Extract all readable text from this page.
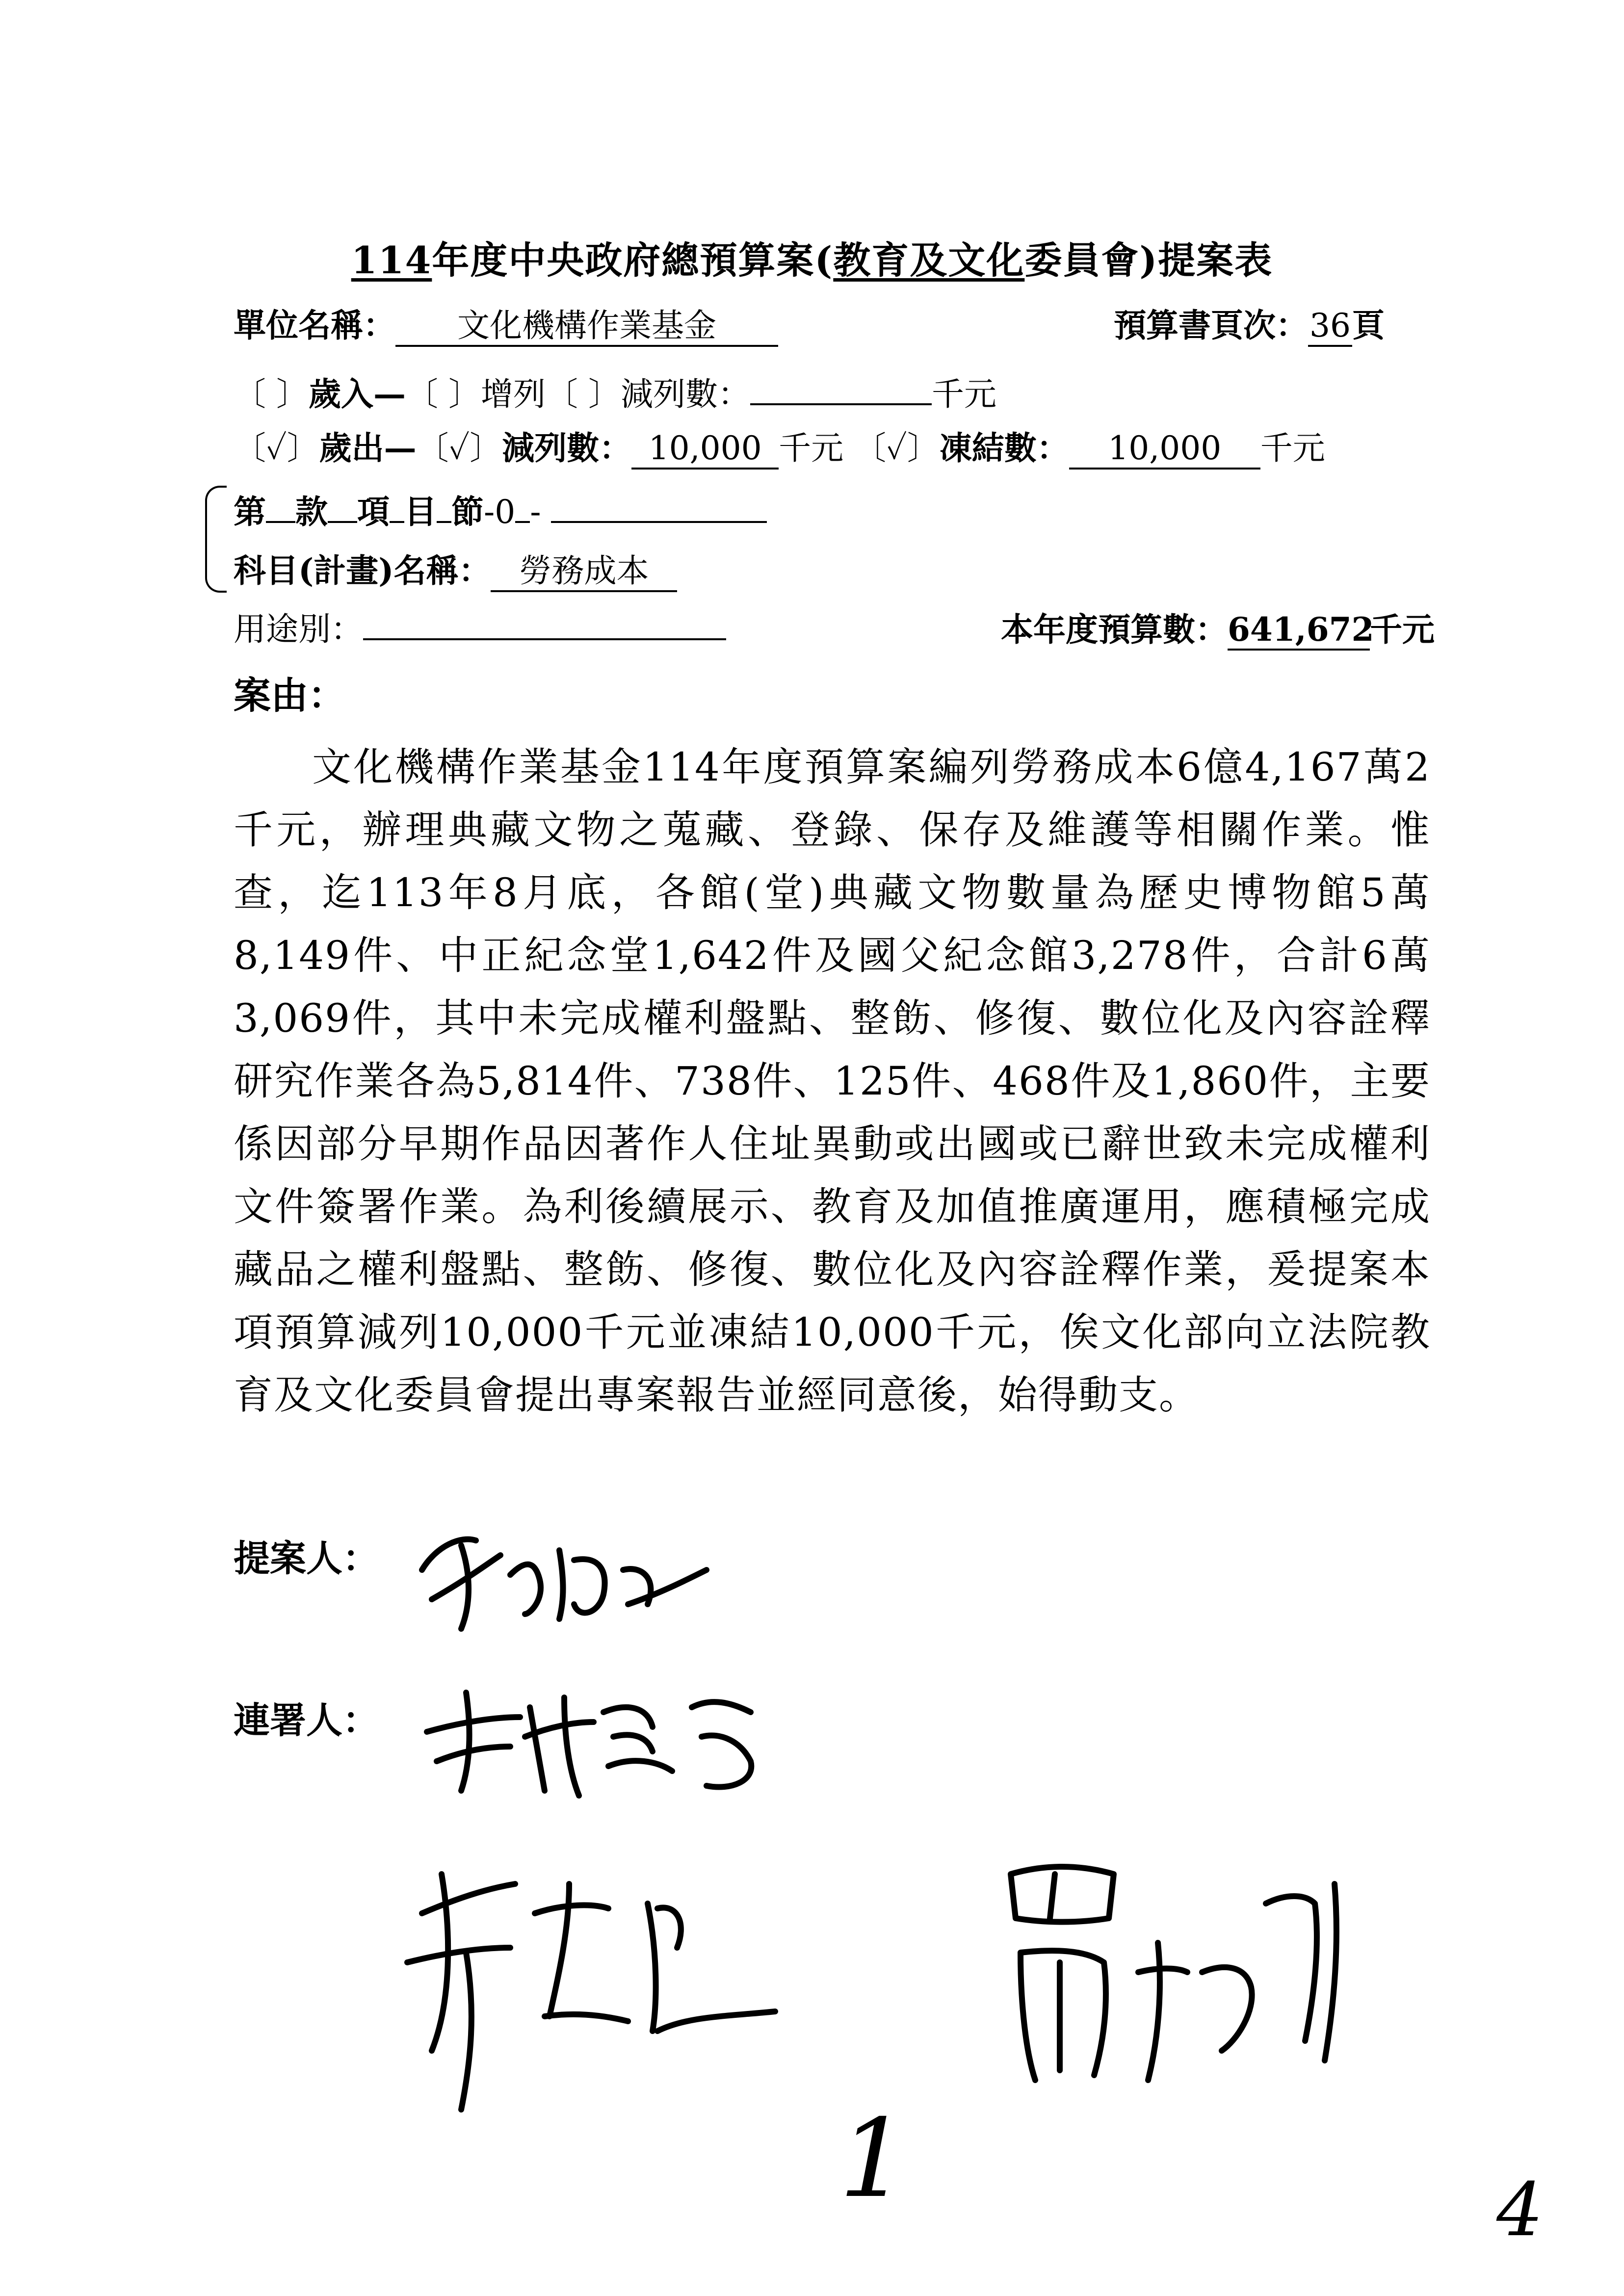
114年度中央政府總預算案(教育及文化委員會)提案表
單位名稱： 文化機構作業基金	預算書頁次：36頁
〔 〕歲入—〔 〕增列〔 〕減列數：	千元
〔✓〕歲出—〔✓〕減列數： 10,000 千元 〔✓〕凍結數： 10,000 千元
第 款 項 目 節-0 -
科目(計畫)名稱： 勞務成本
用途別：	本年度預算數：641,672千元
案由：
文化機構作業基金114年度預算案編列勞務成本6億4,167萬2千元，辦理典藏文物之蒐藏、登錄、保存及維護等相關作業。惟查，迄113年8月底，各館(堂)典藏文物數量為歷史博物館5萬8,149件、中正紀念堂1,642件及國父紀念館3,278件，合計6萬3,069件，其中未完成權利盤點、整飭、修復、數位化及內容詮釋研究作業各為5,814件、738件、125件、468件及1,860件，主要係因部分早期作品因著作人住址異動或出國或已辭世致未完成權利文件簽署作業。為利後續展示、教育及加值推廣運用，應積極完成藏品之權利盤點、整飭、修復、數位化及內容詮釋作業，爰提案本項預算減列10,000千元並凍結10,000千元，俟文化部向立法院教育及文化委員會提出專案報告並經同意後，始得動支。
提案人：
連署人：
1	4
